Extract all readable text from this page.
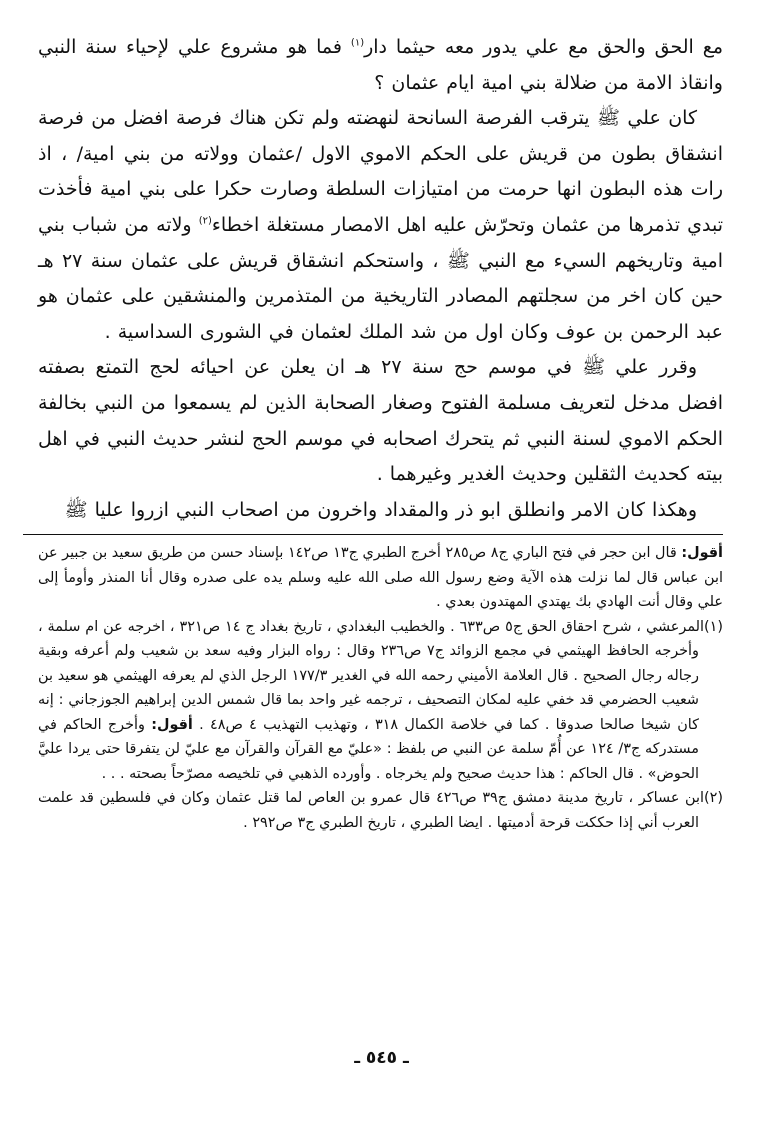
مع الحق والحق مع علي يدور معه حيثما دار$^{(١)}$ فما هو مشروع علي لإحياء سنة النبي وانقاذ الامة من ضلالة بني امية ايام عثمان ؟

كان علي ﷺ يترقب الفرصة السانحة لنهضته ولم تكن هناك فرصة افضل من فرصة انشقاق بطون من قريش على الحكم الاموي الاول /عثمان وولاته من بني امية/ ، اذ رات هذه البطون انها حرمت من امتيازات السلطة وصارت حكرا على بني امية فأخذت تبدي تذمرها من عثمان وتحرّش عليه اهل الامصار مستغلة اخطاء$^{(٢)}$ ولاته من شباب بني امية وتاريخهم السيء مع النبي ﷺ ، واستحكم انشقاق قريش على عثمان سنة ٢٧ هـ حين كان اخر من سجلتهم المصادر التاريخية من المتذمرين والمنشقين على عثمان هو عبد الرحمن بن عوف وكان اول من شد الملك لعثمان في الشورى السداسية .

وقرر علي ﷺ في موسم حج سنة ٢٧ هـ ان يعلن عن احيائه لحج التمتع بصفته افضل مدخل لتعريف مسلمة الفتوح وصغار الصحابة الذين لم يسمعوا من النبي بخالفة الحكم الاموي لسنة النبي ثم يتحرك اصحابه في موسم الحج لنشر حديث النبي في اهل بيته كحديث الثقلين وحديث الغدير وغيرهما .

وهكذا كان الامر وانطلق ابو ذر والمقداد واخرون من اصحاب النبي ازروا عليا ﷺ

أقول: قال ابن حجر في فتح الباري ج٨ ص٢٨٥ أخرج الطبري ج١٣ ص١٤٢ بإسناد حسن من طريق سعيد بن جبير عن ابن عباس قال لما نزلت هذه الآية وضع رسول الله صلى الله عليه وسلم يده على صدره وقال أنا المنذر وأومأ إلى علي وقال أنت الهادي بك يهتدي المهتدون بعدي .

(١)المرعشي ، شرح احقاق الحق ج٥ ص٦٣٣ . والخطيب البغدادي ، تاريخ بغداد ج ١٤ ص٣٢١ ، اخرجه عن ام سلمة ، وأخرجه الحافظ الهيثمي في مجمع الزوائد ج٧ ص٢٣٦ وقال : رواه البزار وفيه سعد بن شعيب ولم أعرفه وبقية رجاله رجال الصحيح . قال العلامة الأميني رحمه الله في الغدير ١٧٧/٣ الرجل الذي لم يعرفه الهيثمي هو سعيد بن شعيب الحضرمي قد خفي عليه لمكان التصحيف ، ترجمه غير واحد بما قال شمس الدين إبراهيم الجوزجاني : إنه كان شيخا صالحا صدوقا . كما في خلاصة الكمال ٣١٨ ، وتهذيب التهذيب ٤ ص٤٨ . أقول: وأخرج الحاكم في مستدركه ج٣/ ١٢٤ عن أُمّ سلمة عن النبي ص بلفظ : «عليّ مع القرآن والقرآن مع عليّ لن يتفرقا حتى يردا عليَّ الحوض» . قال الحاكم : هذا حديث صحيح ولم يخرجاه . وأورده الذهبي في تلخيصه مصرّحاً بصحته . . .

(٢)ابن عساكر ، تاريخ مدينة دمشق ج٣٩ ص٤٢٦ قال عمرو بن العاص لما قتل عثمان وكان في فلسطين قد علمت العرب أني إذا حككت قرحة أدميتها . ايضا الطبري ، تاريخ الطبري ج٣ ص٢٩٢ .

ـ ٥٤٥ ـ
